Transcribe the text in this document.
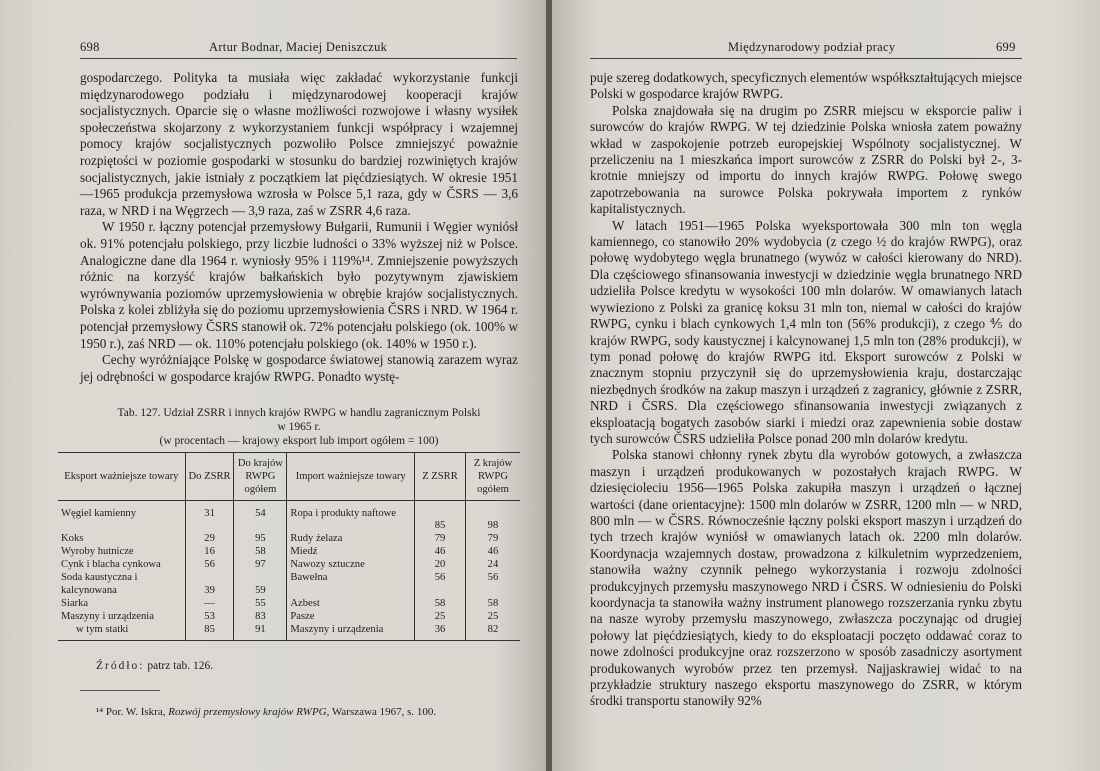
698	Artur Bodnar, Maciej Deniszczuk

gospodarczego. Polityka ta musiała więc zakładać wykorzystanie funkcji międzynarodowego podziału i międzynarodowej kooperacji krajów socjalistycznych. Oparcie się o własne możliwości rozwojowe i własny wysiłek społeczeństwa skojarzony z wykorzystaniem funkcji współpracy i wzajemnej pomocy krajów socjalistycznych pozwoliło Polsce zmniejszyć poważnie rozpiętości w poziomie gospodarki w stosunku do bardziej rozwiniętych krajów socjalistycznych, jakie istniały z początkiem lat pięćdziesiątych. W okresie 1951—1965 produkcja przemysłowa wzrosła w Polsce 5,1 raza, gdy w ČSRS — 3,6 raza, w NRD i na Węgrzech — 3,9 raza, zaś w ZSRR 4,6 raza.

W 1950 r. łączny potencjał przemysłowy Bułgarii, Rumunii i Węgier wyniósł ok. 91% potencjału polskiego, przy liczbie ludności o 33% wyższej niż w Polsce. Analogiczne dane dla 1964 r. wyniosły 95% i 119%¹⁴. Zmniejszenie powyższych różnic na korzyść krajów bałkańskich było pozytywnym zjawiskiem wyrównywania poziomów uprzemysłowienia w obrębie krajów socjalistycznych. Polska z kolei zbliżyła się do poziomu uprzemysłowienia ČSRS i NRD. W 1964 r. potencjał przemysłowy ČSRS stanowił ok. 72% potencjału polskiego (ok. 100% w 1950 r.), zaś NRD — ok. 110% potencjału polskiego (ok. 140% w 1950 r.).

Cechy wyróżniające Polskę w gospodarce światowej stanowią zarazem wyraz jej odrębności w gospodarce krajów RWPG. Ponadto wystę-

Tab. 127. Udział ZSRR i innych krajów RWPG w handlu zagranicznym Polski
w 1965 r.
(w procentach — krajowy eksport lub import ogółem = 100)
Eksport ważniejsze towary	Do ZSRR	Do krajów RWPG ogółem	Import ważniejsze towary	Z ZSRR	Z krajów RWPG ogółem
Węgiel kamienny	31	54	Ropa i produkty naftowe	85	98
Koks	29	95	Rudy żelaza	79	79
Wyroby hutnicze	16	58	Miedź	46	46
Cynk i blacha cynkowa	56	97	Nawozy sztuczne	20	24
Soda kaustyczna i kalcynowana	39	59	Bawełna	56	56
Siarka	—	55	Azbest	58	58
Maszyny i urządzenia	53	83	Pasze	25	25
w tym statki	85	91	Maszyny i urządzenia	36	82
Źródło: patrz tab. 126.
¹⁴ Por. W. Iskra, Rozwój przemysłowy krajów RWPG, Warszawa 1967, s. 100.
Międzynarodowy podział pracy	699

puje szereg dodatkowych, specyficznych elementów współkształtujących miejsce Polski w gospodarce krajów RWPG.

Polska znajdowała się na drugim po ZSRR miejscu w eksporcie paliw i surowców do krajów RWPG. W tej dziedzinie Polska wniosła zatem poważny wkład w zaspokojenie potrzeb europejskiej Wspólnoty socjalistycznej. W przeliczeniu na 1 mieszkańca import surowców z ZSRR do Polski był 2-, 3-krotnie mniejszy od importu do innych krajów RWPG. Połowę swego zapotrzebowania na surowce Polska pokrywała importem z rynków kapitalistycznych.

W latach 1951—1965 Polska wyeksportowała 300 mln ton węgla kamiennego, co stanowiło 20% wydobycia (z czego ½ do krajów RWPG), oraz połowę wydobytego węgla brunatnego (wywóz w całości kierowany do NRD). Dla częściowego sfinansowania inwestycji w dziedzinie węgla brunatnego NRD udzieliła Polsce kredytu w wysokości 100 mln dolarów. W omawianych latach wywieziono z Polski za granicę koksu 31 mln ton, niemal w całości do krajów RWPG, cynku i blach cynkowych 1,4 mln ton (56% produkcji), z czego ⅘ do krajów RWPG, sody kaustycznej i kalcynowanej 1,5 mln ton (28% produkcji), w tym ponad połowę do krajów RWPG itd. Eksport surowców z Polski w znacznym stopniu przyczynił się do uprzemysłowienia kraju, dostarczając niezbędnych środków na zakup maszyn i urządzeń z zagranicy, głównie z ZSRR, NRD i ČSRS. Dla częściowego sfinansowania inwestycji związanych z eksploatacją bogatych zasobów siarki i miedzi oraz zapewnienia sobie dostaw tych surowców ČSRS udzieliła Polsce ponad 200 mln dolarów kredytu.

Polska stanowi chłonny rynek zbytu dla wyrobów gotowych, a zwłaszcza maszyn i urządzeń produkowanych w pozostałych krajach RWPG. W dziesięcioleciu 1956—1965 Polska zakupiła maszyn i urządzeń o łącznej wartości (dane orientacyjne): 1500 mln dolarów w ZSRR, 1200 mln — w NRD, 800 mln — w ČSRS. Równocześnie łączny polski eksport maszyn i urządzeń do tych trzech krajów wyniósł w omawianych latach ok. 2200 mln dolarów. Koordynacja wzajemnych dostaw, prowadzona z kilkuletnim wyprzedzeniem, stanowiła ważny czynnik pełnego wykorzystania i rozwoju zdolności produkcyjnych przemysłu maszynowego NRD i ČSRS. W odniesieniu do Polski koordynacja ta stanowiła ważny instrument planowego rozszerzania rynku zbytu na nasze wyroby przemysłu maszynowego, zwłaszcza poczynając od drugiej połowy lat pięćdziesiątych, kiedy to do eksploatacji poczęto oddawać coraz to nowe zdolności produkcyjne oraz rozszerzono w sposób zasadniczy asortyment produkowanych wyrobów przez ten przemysł. Najjaskrawiej widać to na przykładzie struktury naszego eksportu maszynowego do ZSRR, w którym środki transportu stanowiły 92%
